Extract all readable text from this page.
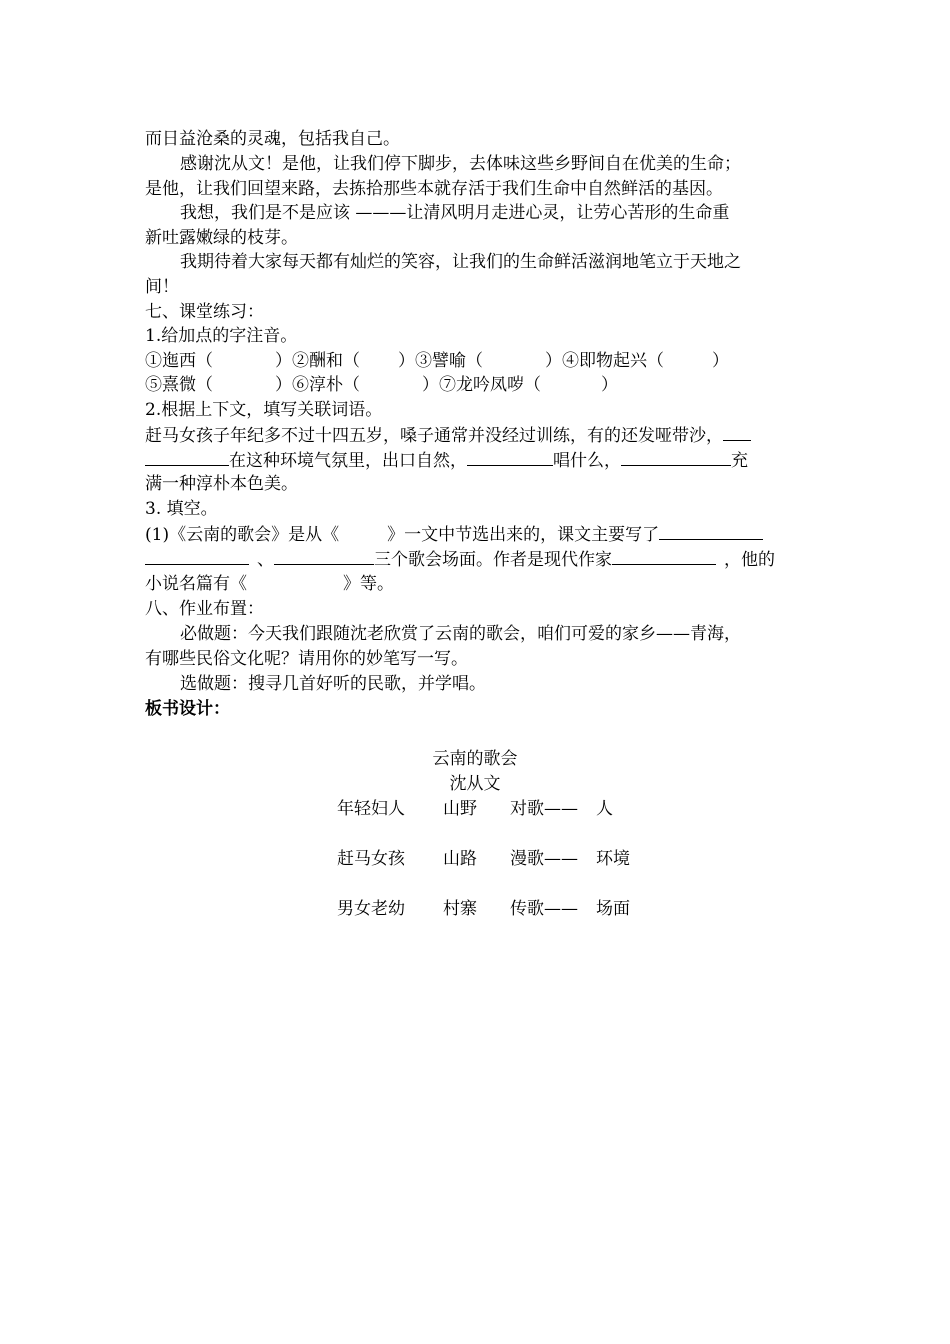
而日益沧桑的灵魂，包括我自己。
感谢沈从文！是他，让我们停下脚步，去体味这些乡野间自在优美的生命；
是他，让我们回望来路，去拣拾那些本就存活于我们生命中自然鲜活的基因。
我想，我们是不是应该 ———让清风明月走进心灵，让劳心苦形的生命重
新吐露嫩绿的枝芽。
我期待着大家每天都有灿烂的笑容，让我们的生命鲜活滋润地笔立于天地之
间！
七、课堂练习：
1.给加点的字注音。
①迤西（	）②酬和（ ）③譬喻（	）④即物起兴（	）
⑤熹微（	）⑥淳朴（	）⑦龙吟凤哕（	）
2.根据上下文，填写关联词语。
赶马女孩子年纪多不过十四五岁，嗓子通常并没经过训练，有的还发哑带沙，
在这种环境气氛里，出口自然，	唱什么，	充
满一种淳朴本色美。
3. 填空。
(1)《云南的歌会》是从《	》一文中节选出来的，课文主要写了
、	三个歌会场面。作者是现代作家	，他的
小说名篇有《	》等。
八、作业布置：
必做题：今天我们跟随沈老欣赏了云南的歌会，咱们可爱的家乡——青海，
有哪些民俗文化呢？请用你的妙笔写一写。
选做题：搜寻几首好听的民歌，并学唱。
板书设计：
云南的歌会
沈从文
年轻妇人 山野 对歌—— 人
赶马女孩 山路 漫歌—— 环境
男女老幼 村寨 传歌—— 场面
